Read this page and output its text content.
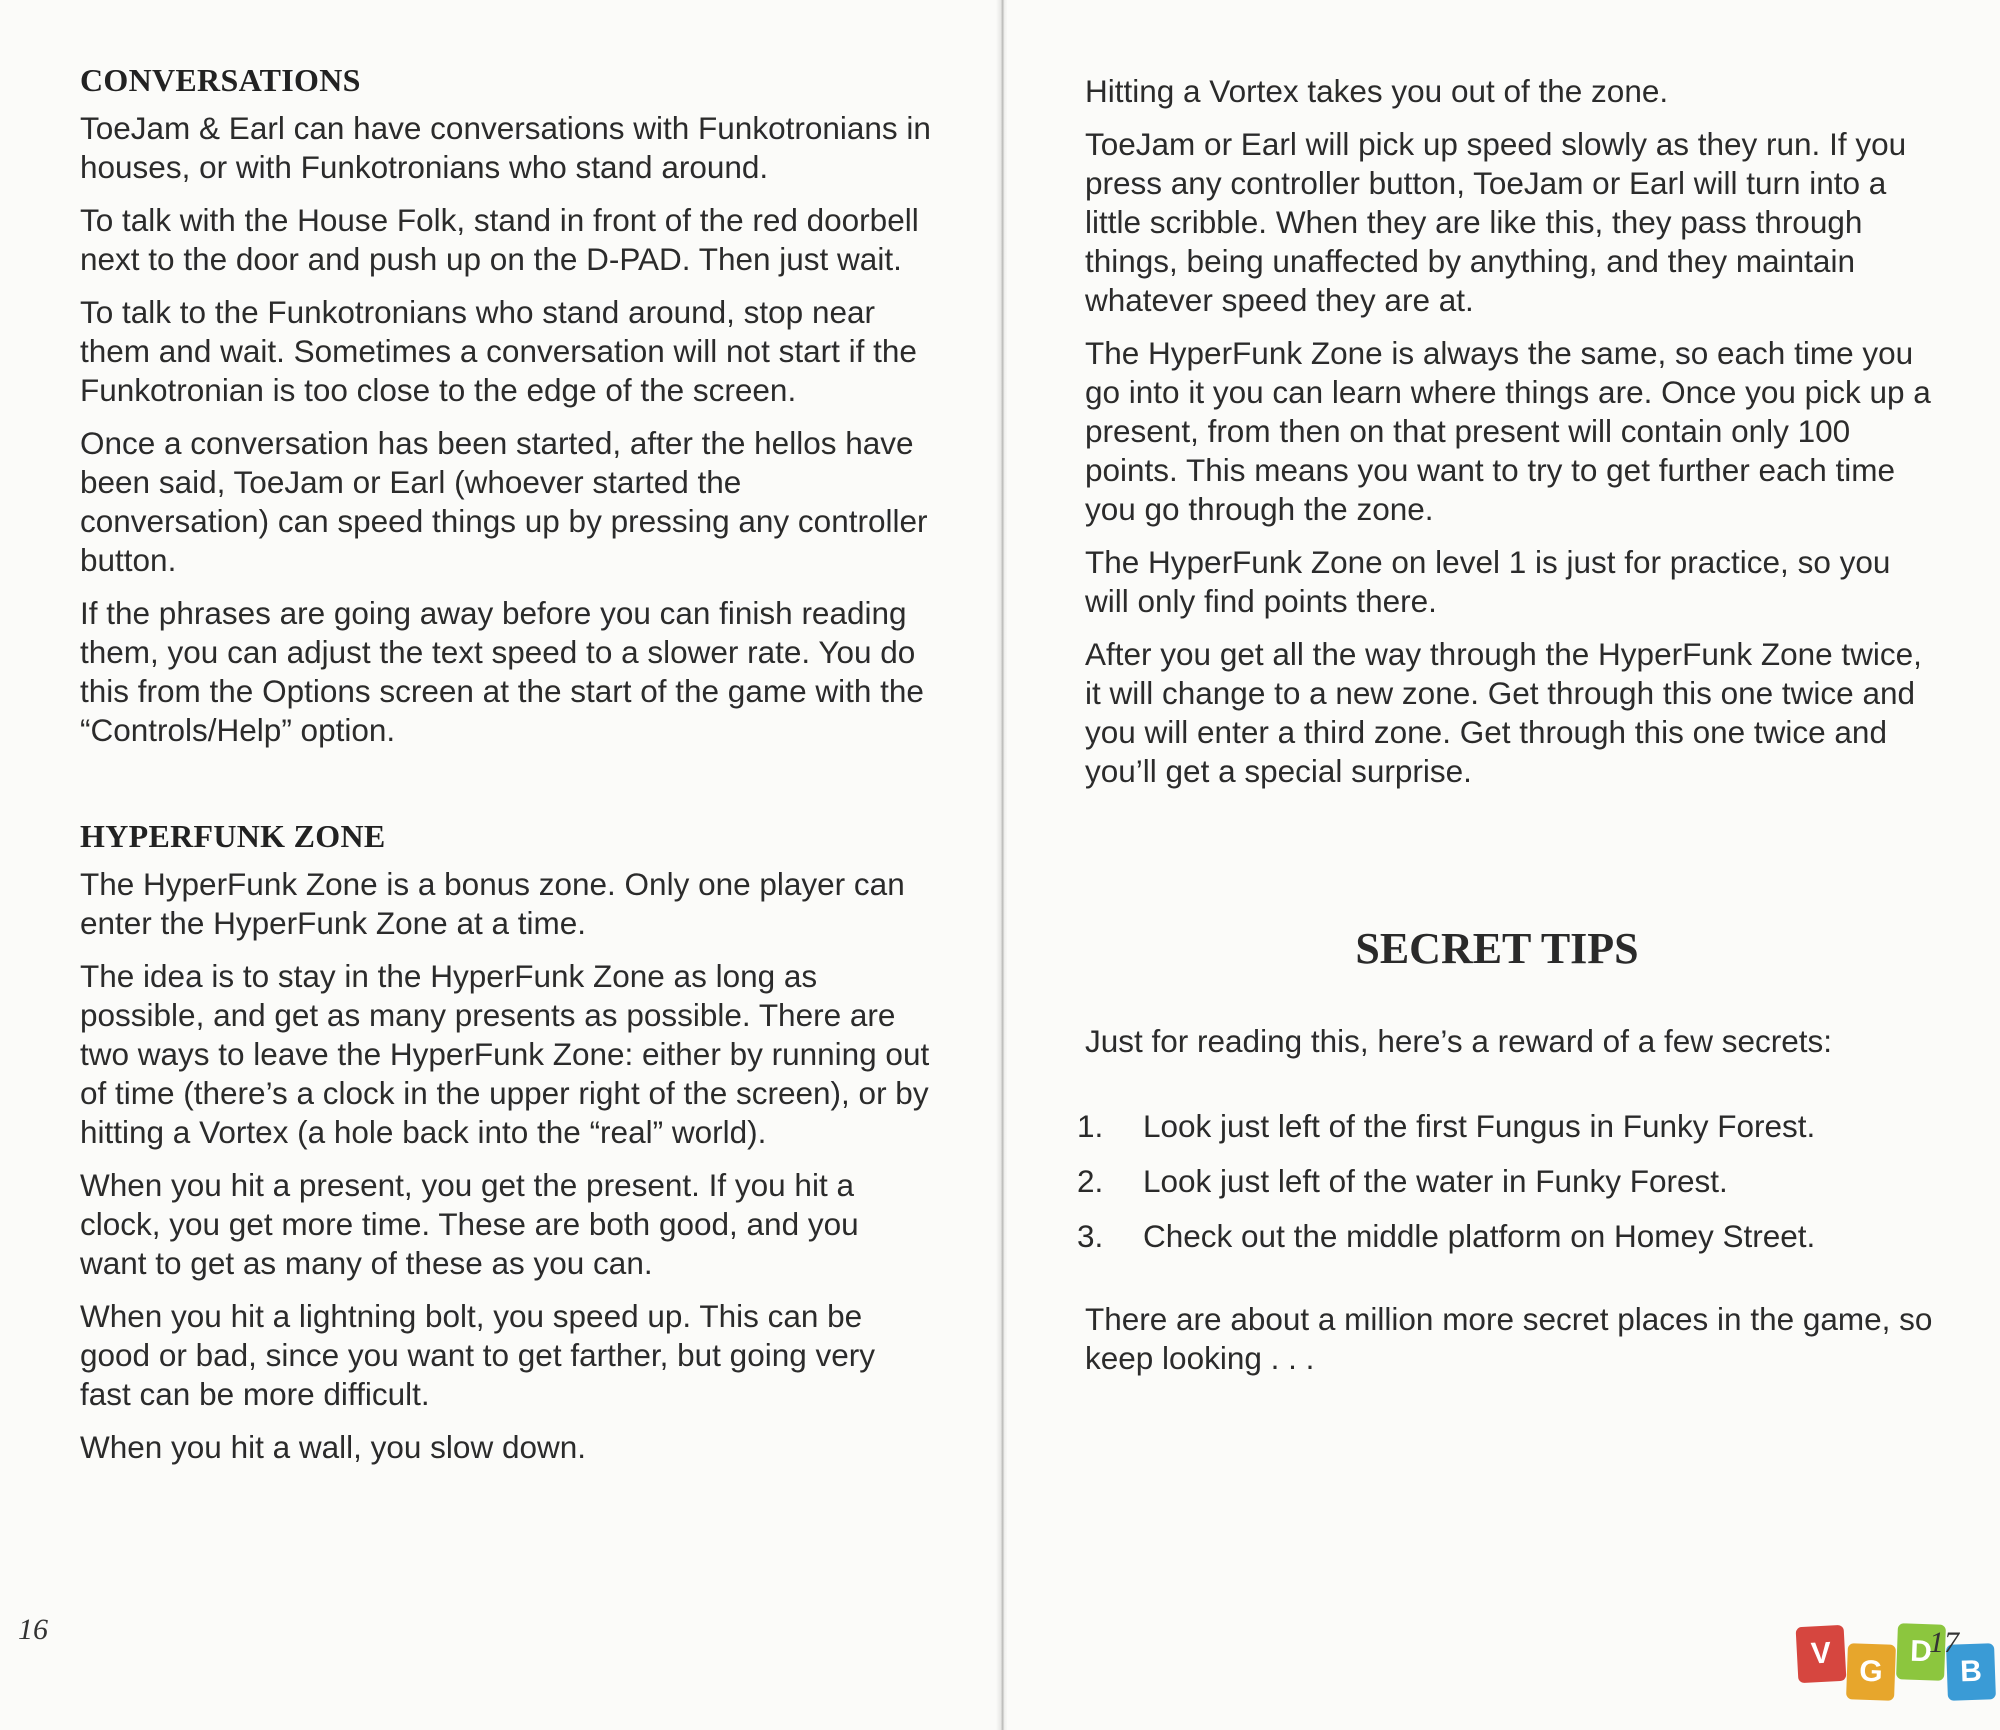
CONVERSATIONS

ToeJam & Earl can have conversations with Funkotronians in houses, or with Funkotronians who stand around.

To talk with the House Folk, stand in front of the red doorbell next to the door and push up on the D-PAD. Then just wait.

To talk to the Funkotronians who stand around, stop near them and wait. Sometimes a conversation will not start if the Funkotronian is too close to the edge of the screen.

Once a conversation has been started, after the hellos have been said, ToeJam or Earl (whoever started the conversation) can speed things up by pressing any controller button.

If the phrases are going away before you can finish reading them, you can adjust the text speed to a slower rate. You do this from the Options screen at the start of the game with the “Controls/Help” option.

HYPERFUNK ZONE

The HyperFunk Zone is a bonus zone. Only one player can enter the HyperFunk Zone at a time.

The idea is to stay in the HyperFunk Zone as long as possible, and get as many presents as possible. There are two ways to leave the HyperFunk Zone: either by running out of time (there’s a clock in the upper right of the screen), or by hitting a Vortex (a hole back into the “real” world).

When you hit a present, you get the present. If you hit a clock, you get more time. These are both good, and you want to get as many of these as you can.

When you hit a lightning bolt, you speed up. This can be good or bad, since you want to get farther, but going very fast can be more difficult.

When you hit a wall, you slow down.

16

Hitting a Vortex takes you out of the zone.

ToeJam or Earl will pick up speed slowly as they run. If you press any controller button, ToeJam or Earl will turn into a little scribble. When they are like this, they pass through things, being unaffected by anything, and they maintain whatever speed they are at.

The HyperFunk Zone is always the same, so each time you go into it you can learn where things are. Once you pick up a present, from then on that present will contain only 100 points. This means you want to try to get further each time you go through the zone.

The HyperFunk Zone on level 1 is just for practice, so you will only find points there.

After you get all the way through the HyperFunk Zone twice, it will change to a new zone. Get through this one twice and you will enter a third zone. Get through this one twice and you’ll get a special surprise.

SECRET TIPS

Just for reading this, here’s a reward of a few secrets:

1.	Look just left of the first Fungus in Funky Forest.
2.	Look just left of the water in Funky Forest.
3.	Check out the middle platform on Homey Street.

There are about a million more secret places in the game, so keep looking . . .

V
G
D
B
17
